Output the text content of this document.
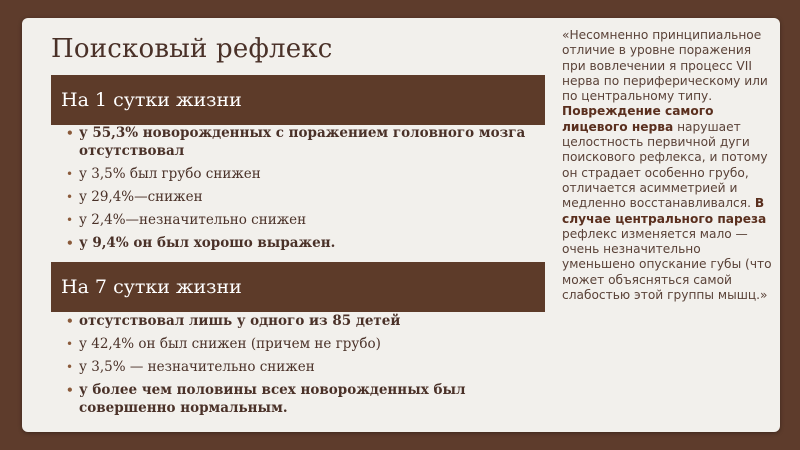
Поисковый рефлекс
На 1 сутки жизни
• у 55,3% новорожденных с поражением головного мозга отсутствовал
• у 3,5% был грубо снижен
• у 29,4%—снижен
• у 2,4%—незначительно снижен
• у 9,4% он был хорошо выражен.
На 7 сутки жизни
• отсутствовал лишь у одного из 85 детей
• у 42,4% он был снижен (причем не грубо)
• у 3,5% — незначительно снижен
• у более чем половины всех новорожденных был совершенно нормальным.

«Несомненно принципиальное отличие в уровне поражения при вовлечении я процесс VII нерва по периферическому или по центральному типу. Повреждение самого лицевого нерва нарушает целостность первичной дуги поискового рефлекса, и потому он страдает особенно грубо, отличается асимметрией и медленно восстанавливался. В случае центрального пареза рефлекс изменяется мало — очень незначительно уменьшено опускание губы (что может объясняться самой слабостью этой группы мышц.»
